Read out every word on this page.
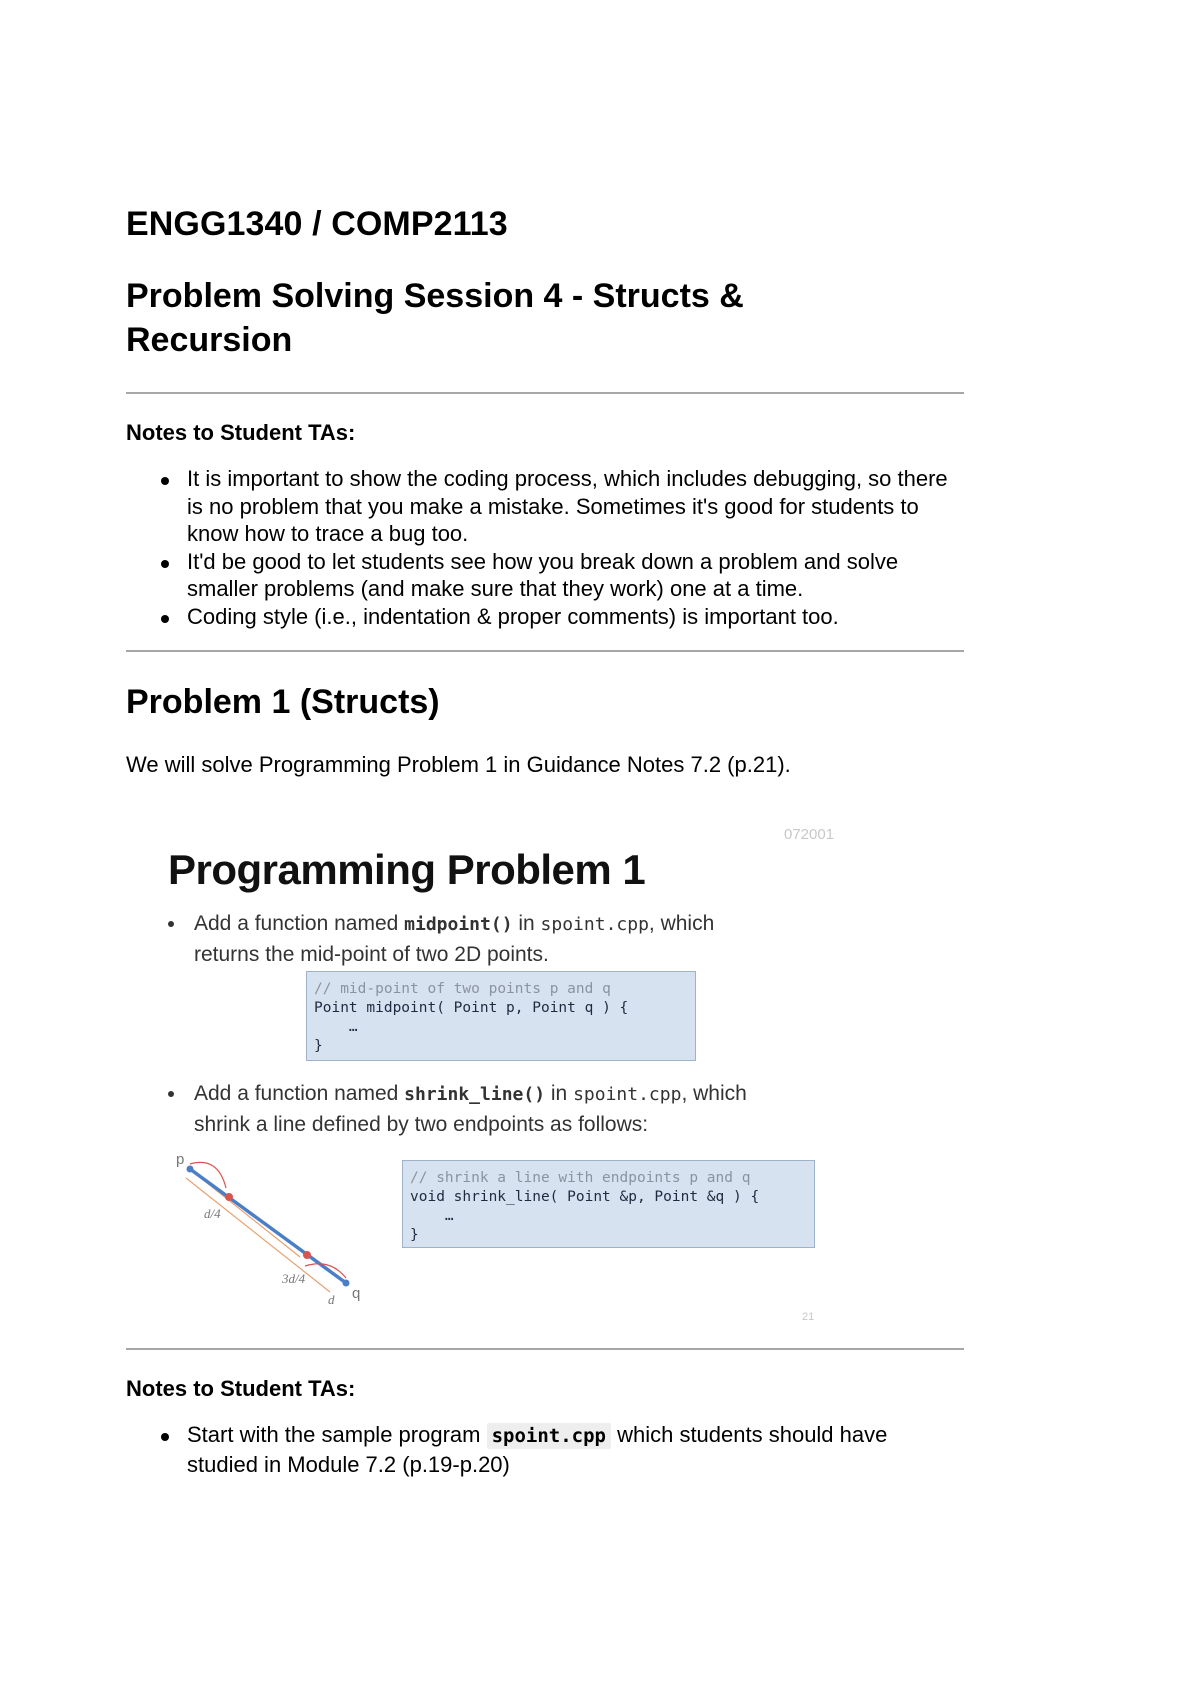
ENGG1340 / COMP2113
Problem Solving Session 4 - Structs & Recursion
Notes to Student TAs:
It is important to show the coding process, which includes debugging, so there is no problem that you make a mistake. Sometimes it's good for students to know how to trace a bug too.
It'd be good to let students see how you break down a problem and solve smaller problems (and make sure that they work) one at a time.
Coding style (i.e., indentation & proper comments) is important too.
Problem 1 (Structs)

We will solve Programming Problem 1 in Guidance Notes 7.2 (p.21).

072001
Programming Problem 1
Add a function named midpoint() in spoint.cpp, which
returns the mid-point of two 2D points.
// mid-point of two points p and q
Point midpoint( Point p, Point q ) {
…
}
Add a function named shrink_line() in spoint.cpp, which
shrink a line defined by two endpoints as follows:
p
q
d/4
3d/4
d
// shrink a line with endpoints p and q
void shrink_line( Point &p, Point &q ) {
…
}
21
Notes to Student TAs:
Start with the sample program spoint.cpp which students should have studied in Module 7.2 (p.19-p.20)
